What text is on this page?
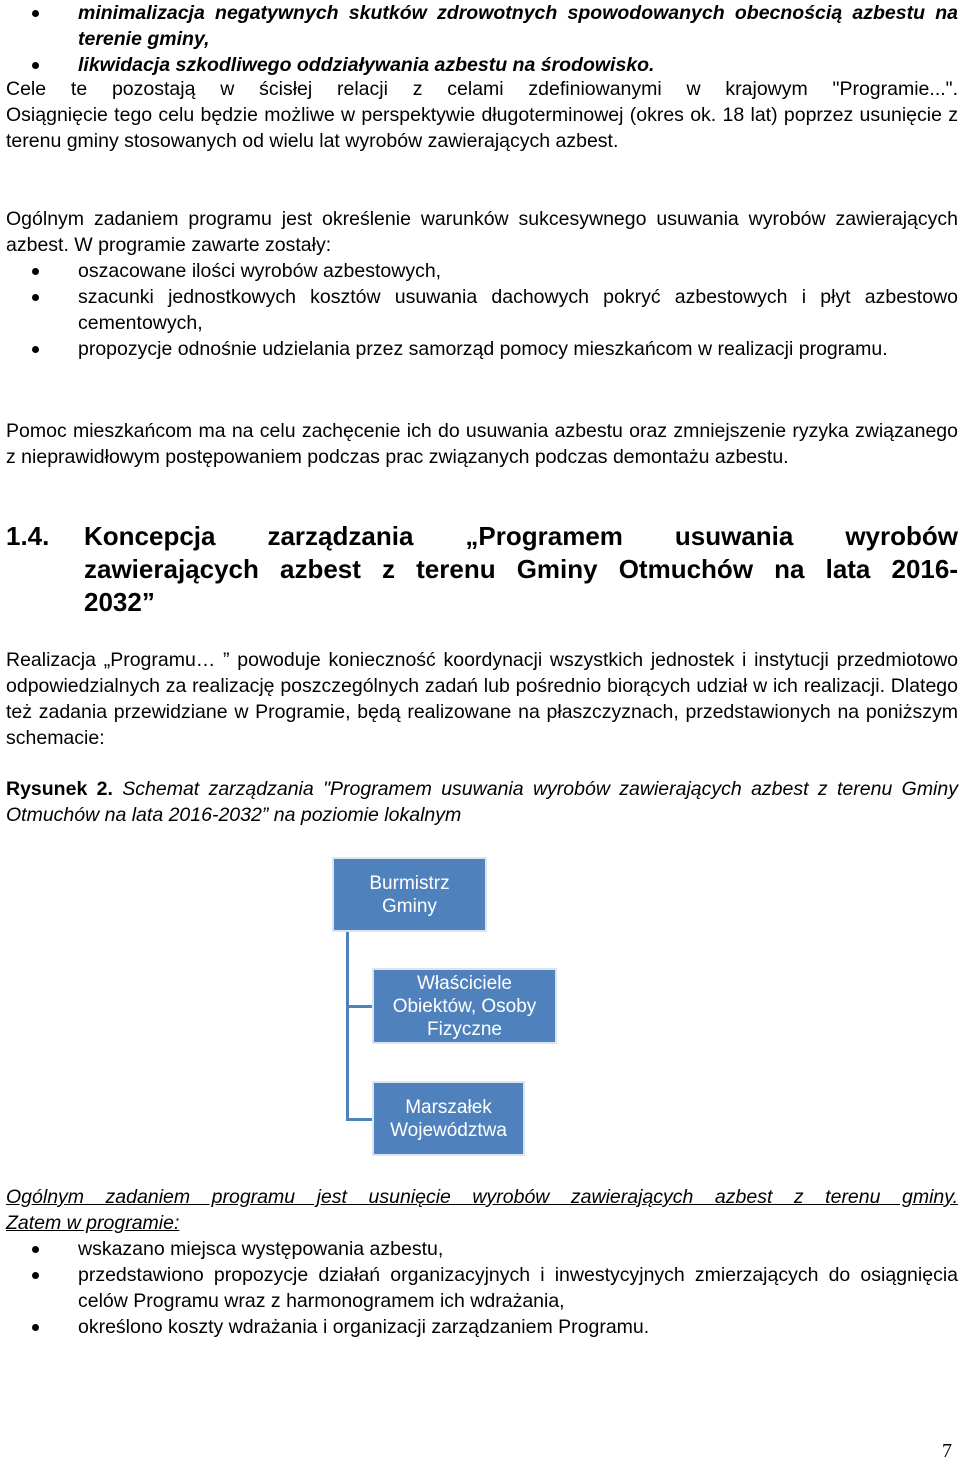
minimalizacja negatywnych skutków zdrowotnych spowodowanych obecnością azbestu na terenie gminy,
likwidacja szkodliwego oddziaływania azbestu na środowisko.

Cele te pozostają w ścisłej relacji z celami zdefiniowanymi w krajowym "Programie...".

Osiągnięcie tego celu będzie możliwe w perspektywie długoterminowej (okres ok. 18 lat) poprzez usunięcie z terenu gminy stosowanych od wielu lat wyrobów zawierających azbest.

Ogólnym zadaniem programu jest określenie warunków sukcesywnego usuwania wyrobów zawierających azbest. W programie zawarte zostały:

oszacowane ilości wyrobów azbestowych,
szacunki jednostkowych kosztów usuwania dachowych pokryć azbestowych i płyt azbestowo cementowych,
propozycje odnośnie udzielania przez samorząd pomocy mieszkańcom w realizacji programu.

Pomoc mieszkańcom ma na celu zachęcenie ich do usuwania azbestu oraz zmniejszenie ryzyka związanego z nieprawidłowym postępowaniem podczas prac związanych podczas demontażu azbestu.

1.4. Koncepcja zarządzania „Programem usuwania wyrobów
zawierających azbest z terenu Gminy Otmuchów na lata 2016-
2032”

Realizacja „Programu… ” powoduje konieczność koordynacji wszystkich jednostek i instytucji przedmiotowo odpowiedzialnych za realizację poszczególnych zadań lub pośrednio biorących udział w ich realizacji. Dlatego też zadania przewidziane w Programie, będą realizowane na płaszczyznach, przedstawionych na poniższym schemacie:

Rysunek 2. Schemat zarządzania "Programem usuwania wyrobów zawierających azbest z terenu Gminy Otmuchów na lata 2016-2032” na poziomie lokalnym

Burmistrz
Gminy
Właściciele
Obiektów, Osoby
Fizyczne
Marszałek
Województwa

Ogólnym zadaniem programu jest usunięcie wyrobów zawierających azbest z terenu gminy.

Zatem w programie:

wskazano miejsca występowania azbestu,
przedstawiono propozycje działań organizacyjnych i inwestycyjnych zmierzających do osiągnięcia celów Programu wraz z harmonogramem ich wdrażania,
określono koszty wdrażania i organizacji zarządzaniem Programu.
7
